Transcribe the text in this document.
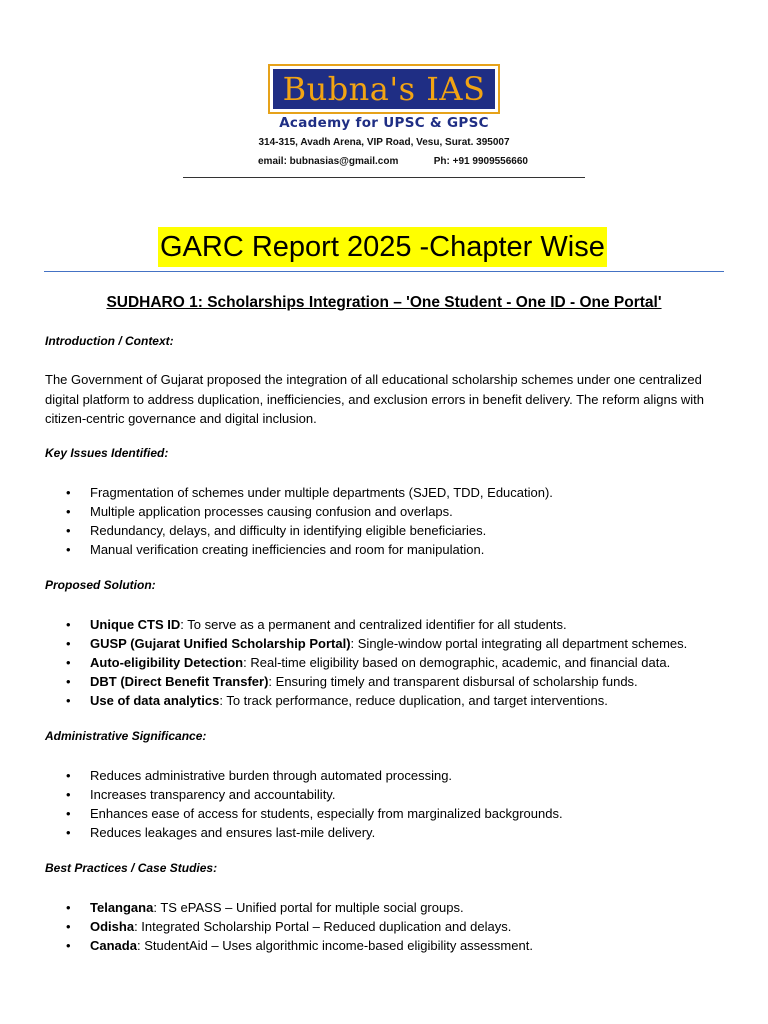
Bubna's IAS
Academy for UPSC & GPSC
314-315, Avadh Arena, VIP Road, Vesu, Surat. 395007
email: bubnasias@gmail.com	Ph: +91 9909556660
GARC Report 2025 -Chapter Wise
SUDHARO 1: Scholarships Integration – 'One Student - One ID - One Portal'
Introduction / Context:

The Government of Gujarat proposed the integration of all educational scholarship schemes under one centralized digital platform to address duplication, inefficiencies, and exclusion errors in benefit delivery. The reform aligns with citizen-centric governance and digital inclusion.

Key Issues Identified:
• Fragmentation of schemes under multiple departments (SJED, TDD, Education).
• Multiple application processes causing confusion and overlaps.
• Redundancy, delays, and difficulty in identifying eligible beneficiaries.
• Manual verification creating inefficiencies and room for manipulation.
Proposed Solution:
• Unique CTS ID: To serve as a permanent and centralized identifier for all students.
• GUSP (Gujarat Unified Scholarship Portal): Single-window portal integrating all department schemes.
• Auto-eligibility Detection: Real-time eligibility based on demographic, academic, and financial data.
• DBT (Direct Benefit Transfer): Ensuring timely and transparent disbursal of scholarship funds.
• Use of data analytics: To track performance, reduce duplication, and target interventions.
Administrative Significance:
• Reduces administrative burden through automated processing.
• Increases transparency and accountability.
• Enhances ease of access for students, especially from marginalized backgrounds.
• Reduces leakages and ensures last-mile delivery.
Best Practices / Case Studies:
• Telangana: TS ePASS – Unified portal for multiple social groups.
• Odisha: Integrated Scholarship Portal – Reduced duplication and delays.
• Canada: StudentAid – Uses algorithmic income-based eligibility assessment.
